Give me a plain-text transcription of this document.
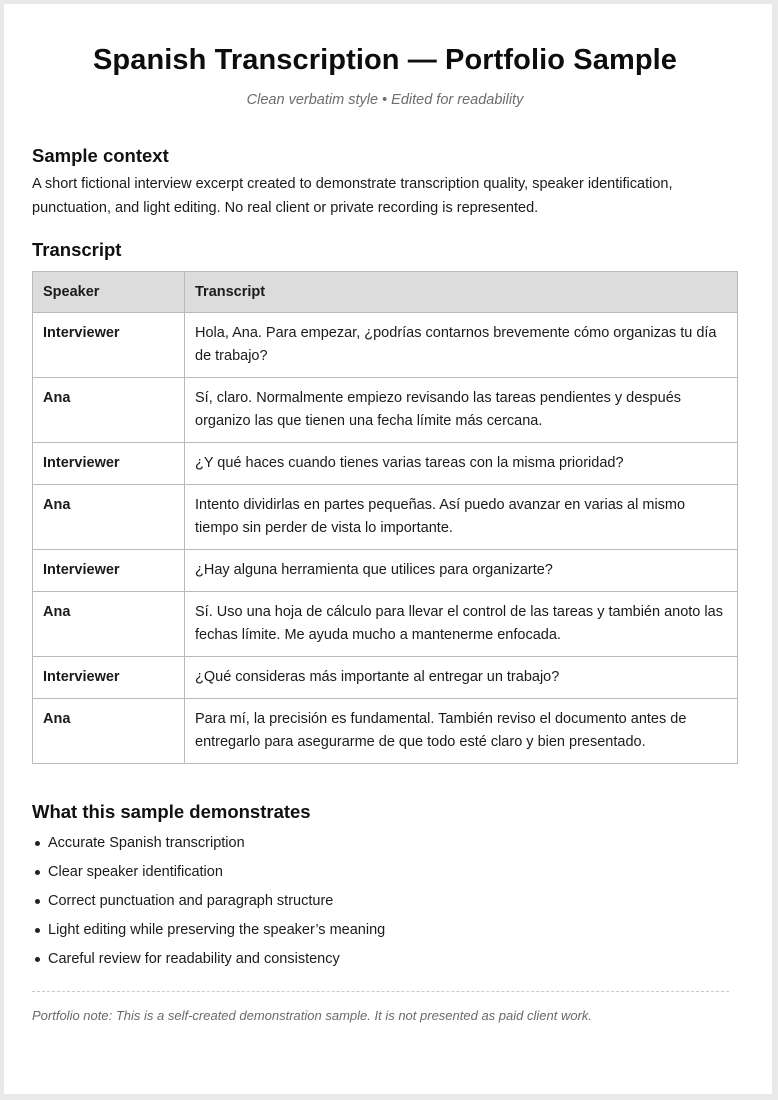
Spanish Transcription — Portfolio Sample
Clean verbatim style • Edited for readability
Sample context
A short fictional interview excerpt created to demonstrate transcription quality, speaker identification, punctuation, and light editing. No real client or private recording is represented.
Transcript
Speaker	Transcript
Interviewer	Hola, Ana. Para empezar, ¿podrías contarnos brevemente cómo organizas tu día de trabajo?
Ana	Sí, claro. Normalmente empiezo revisando las tareas pendientes y después organizo las que tienen una fecha límite más cercana.
Interviewer	¿Y qué haces cuando tienes varias tareas con la misma prioridad?
Ana	Intento dividirlas en partes pequeñas. Así puedo avanzar en varias al mismo tiempo sin perder de vista lo importante.
Interviewer	¿Hay alguna herramienta que utilices para organizarte?
Ana	Sí. Uso una hoja de cálculo para llevar el control de las tareas y también anoto las fechas límite. Me ayuda mucho a mantenerme enfocada.
Interviewer	¿Qué consideras más importante al entregar un trabajo?
Ana	Para mí, la precisión es fundamental. También reviso el documento antes de entregarlo para asegurarme de que todo esté claro y bien presentado.
What this sample demonstrates
Accurate Spanish transcription
Clear speaker identification
Correct punctuation and paragraph structure
Light editing while preserving the speaker’s meaning
Careful review for readability and consistency
Portfolio note: This is a self-created demonstration sample. It is not presented as paid client work.
